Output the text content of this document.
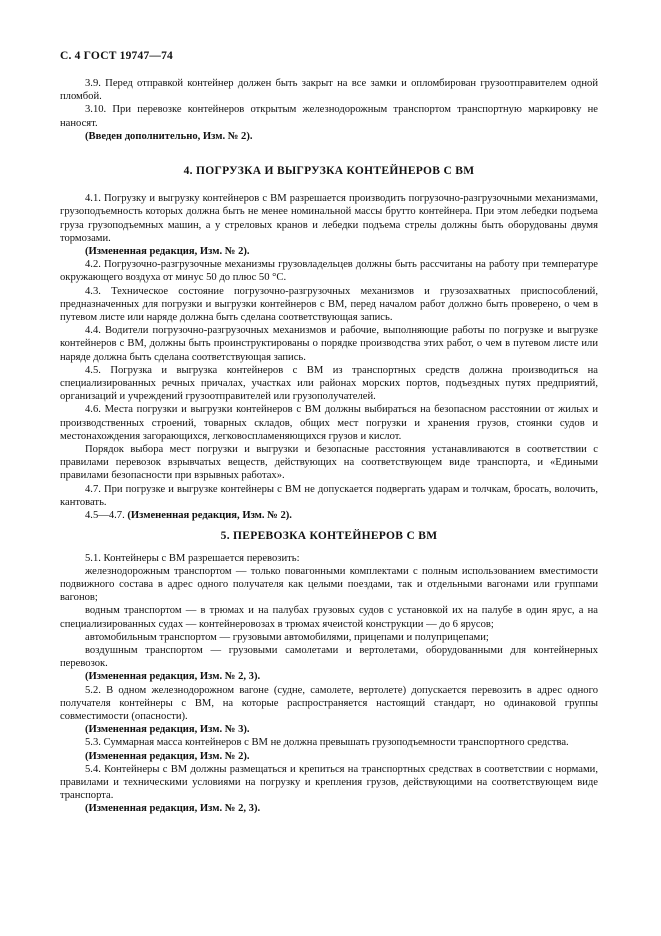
С. 4 ГОСТ 19747—74

3.9. Перед отправкой контейнер должен быть закрыт на все замки и опломбирован грузоотправителем одной пломбой.

3.10. При перевозке контейнеров открытым железнодорожным транспортом транспортную маркировку не наносят.

(Введен дополнительно, Изм. № 2).

4. ПОГРУЗКА И ВЫГРУЗКА КОНТЕЙНЕРОВ С ВМ

4.1. Погрузку и выгрузку контейнеров с ВМ разрешается производить погрузочно-разгрузочными механизмами, грузоподъемность которых должна быть не менее номинальной массы брутто контейнера. При этом лебедки подъема груза грузоподъемных машин, а у стреловых кранов и лебедки подъема стрелы должны быть оборудованы двумя тормозами.

(Измененная редакция, Изм. № 2).

4.2. Погрузочно-разгрузочные механизмы грузовладельцев должны быть рассчитаны на работу при температуре окружающего воздуха от минус 50 до плюс 50 °С.

4.3. Техническое состояние погрузочно-разгрузочных механизмов и грузозахватных приспособлений, предназначенных для погрузки и выгрузки контейнеров с ВМ, перед началом работ должно быть проверено, о чем в путевом листе или наряде должна быть сделана соответствующая запись.

4.4. Водители погрузочно-разгрузочных механизмов и рабочие, выполняющие работы по погрузке и выгрузке контейнеров с ВМ, должны быть проинструктированы о порядке производства этих работ, о чем в путевом листе или наряде должна быть сделана соответствующая запись.

4.5. Погрузка и выгрузка контейнеров с ВМ из транспортных средств должна производиться на специализированных речных причалах, участках или районах морских портов, подъездных путях предприятий, организаций и учреждений грузоотправителей или грузополучателей.

4.6. Места погрузки и выгрузки контейнеров с ВМ должны выбираться на безопасном расстоянии от жилых и производственных строений, товарных складов, общих мест погрузки и хранения грузов, стоянки судов и местонахождения загорающихся, легковоспламеняющихся грузов и кислот.

Порядок выбора мест погрузки и выгрузки и безопасные расстояния устанавливаются в соответствии с правилами перевозок взрывчатых веществ, действующих на соответствующем виде транспорта, и «Едиными правилами безопасности при взрывных работах».

4.7. При погрузке и выгрузке контейнеры с ВМ не допускается подвергать ударам и толчкам, бросать, волочить, кантовать.

4.5—4.7. (Измененная редакция, Изм. № 2).

5. ПЕРЕВОЗКА КОНТЕЙНЕРОВ С ВМ

5.1. Контейнеры с ВМ разрешается перевозить:

железнодорожным транспортом — только повагонными комплектами с полным использованием вместимости подвижного состава в адрес одного получателя как целыми поездами, так и отдельными вагонами или группами вагонов;

водным транспортом — в трюмах и на палубах грузовых судов с установкой их на палубе в один ярус, а на специализированных судах — контейнеровозах в трюмах ячеистой конструкции — до 6 ярусов;

автомобильным транспортом — грузовыми автомобилями, прицепами и полуприцепами;

воздушным транспортом — грузовыми самолетами и вертолетами, оборудованными для контейнерных перевозок.

(Измененная редакция, Изм. № 2, 3).

5.2. В одном железнодорожном вагоне (судне, самолете, вертолете) допускается перевозить в адрес одного получателя контейнеры с ВМ, на которые распространяется настоящий стандарт, но одинаковой группы совместимости (опасности).

(Измененная редакция, Изм. № 3).

5.3. Суммарная масса контейнеров с ВМ не должна превышать грузоподъемности транспортного средства.

(Измененная редакция, Изм. № 2).

5.4. Контейнеры с ВМ должны размещаться и крепиться на транспортных средствах в соответствии с нормами, правилами и техническими условиями на погрузку и крепления грузов, действующими на соответствующем виде транспорта.

(Измененная редакция, Изм. № 2, 3).
